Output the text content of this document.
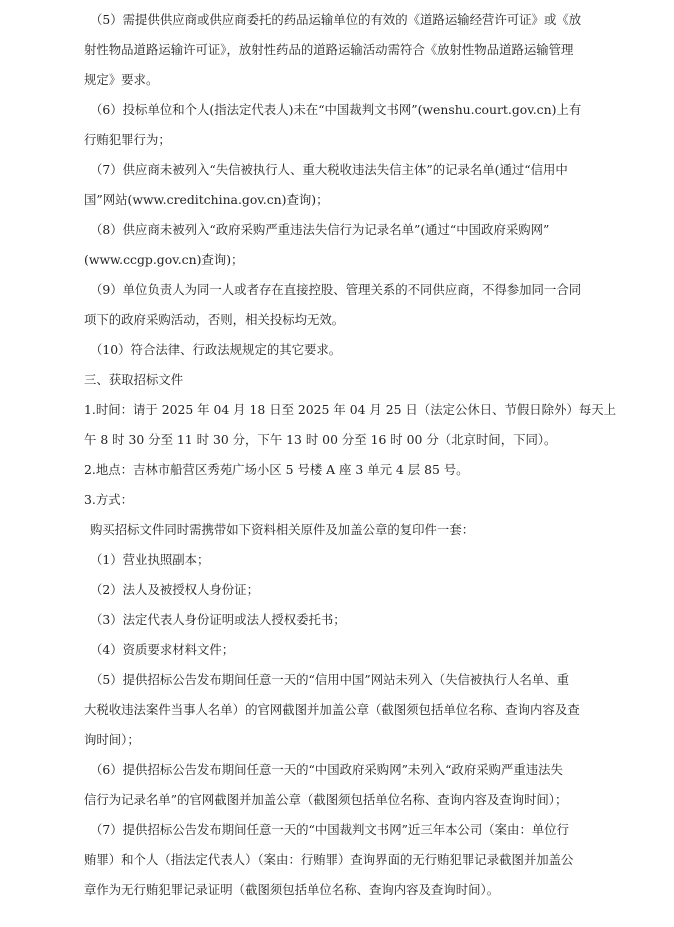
（5）需提供供应商或供应商委托的药品运输单位的有效的《道路运输经营许可证》或《放
射性物品道路运输许可证》，放射性药品的道路运输活动需符合《放射性物品道路运输管理
规定》要求。
（6）投标单位和个人(指法定代表人)未在“中国裁判文书网”(wenshu.court.gov.cn)上有
行贿犯罪行为；
（7）供应商未被列入“失信被执行人、重大税收违法失信主体”的记录名单(通过“信用中
国”网站(www.creditchina.gov.cn)查询)；
（8）供应商未被列入“政府采购严重违法失信行为记录名单”(通过“中国政府采购网”
(www.ccgp.gov.cn)查询)；
（9）单位负责人为同一人或者存在直接控股、管理关系的不同供应商，不得参加同一合同
项下的政府采购活动，否则，相关投标均无效。
（10）符合法律、行政法规规定的其它要求。
三、获取招标文件
1.时间：请于 2025 年 04 月 18 日至 2025 年 04 月 25 日（法定公休日、节假日除外）每天上
午 8 时 30 分至 11 时 30 分，下午 13 时 00 分至 16 时 00 分（北京时间，下同）。
2.地点：吉林市船营区秀苑广场小区 5 号楼 A 座 3 单元 4 层 85 号。
3.方式：
购买招标文件同时需携带如下资料相关原件及加盖公章的复印件一套：
（1）营业执照副本；
（2）法人及被授权人身份证；
（3）法定代表人身份证明或法人授权委托书；
（4）资质要求材料文件；
（5）提供招标公告发布期间任意一天的“信用中国”网站未列入（失信被执行人名单、重
大税收违法案件当事人名单）的官网截图并加盖公章（截图须包括单位名称、查询内容及查
询时间）；
（6）提供招标公告发布期间任意一天的“中国政府采购网”未列入“政府采购严重违法失
信行为记录名单”的官网截图并加盖公章（截图须包括单位名称、查询内容及查询时间）；
（7）提供招标公告发布期间任意一天的“中国裁判文书网”近三年本公司（案由：单位行
贿罪）和个人（指法定代表人）（案由：行贿罪）查询界面的无行贿犯罪记录截图并加盖公
章作为无行贿犯罪记录证明（截图须包括单位名称、查询内容及查询时间）。
